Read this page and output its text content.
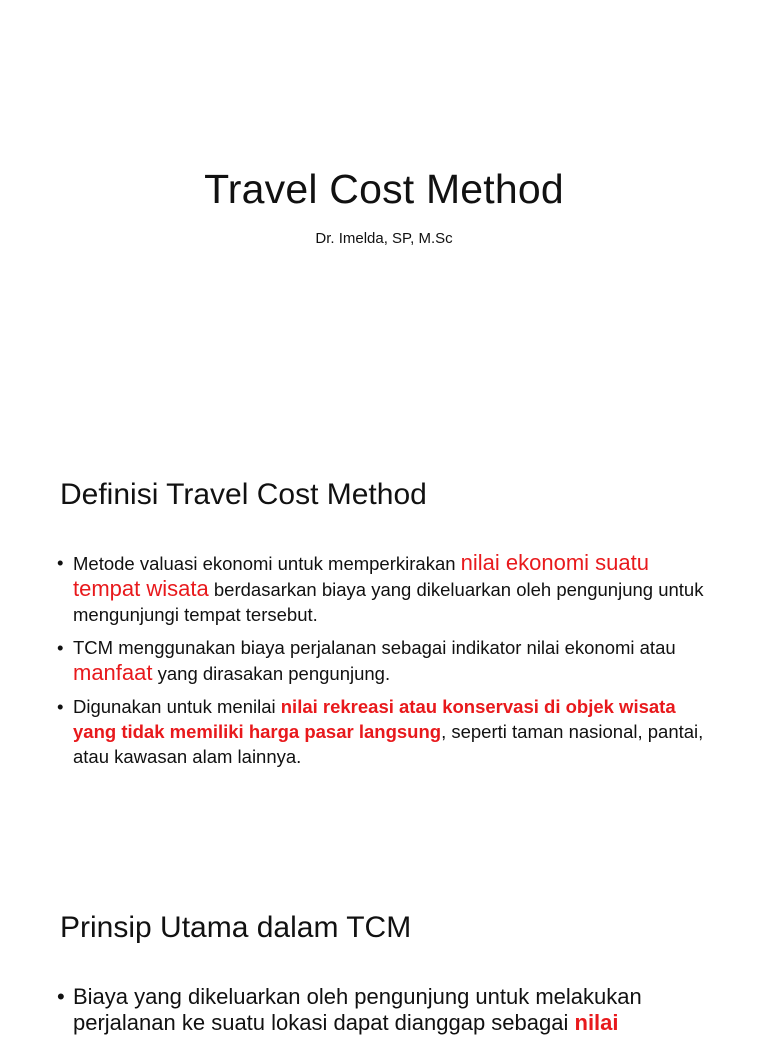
Travel Cost Method

Dr. Imelda, SP, M.Sc

Definisi Travel Cost Method
• Metode valuasi ekonomi untuk memperkirakan nilai ekonomi suatu tempat wisata berdasarkan biaya yang dikeluarkan oleh pengunjung untuk mengunjungi tempat tersebut.
• TCM menggunakan biaya perjalanan sebagai indikator nilai ekonomi atau manfaat yang dirasakan pengunjung.
• Digunakan untuk menilai nilai rekreasi atau konservasi di objek wisata yang tidak memiliki harga pasar langsung, seperti taman nasional, pantai, atau kawasan alam lainnya.
Prinsip Utama dalam TCM
• Biaya yang dikeluarkan oleh pengunjung untuk melakukan perjalanan ke suatu lokasi dapat dianggap sebagai nilai
